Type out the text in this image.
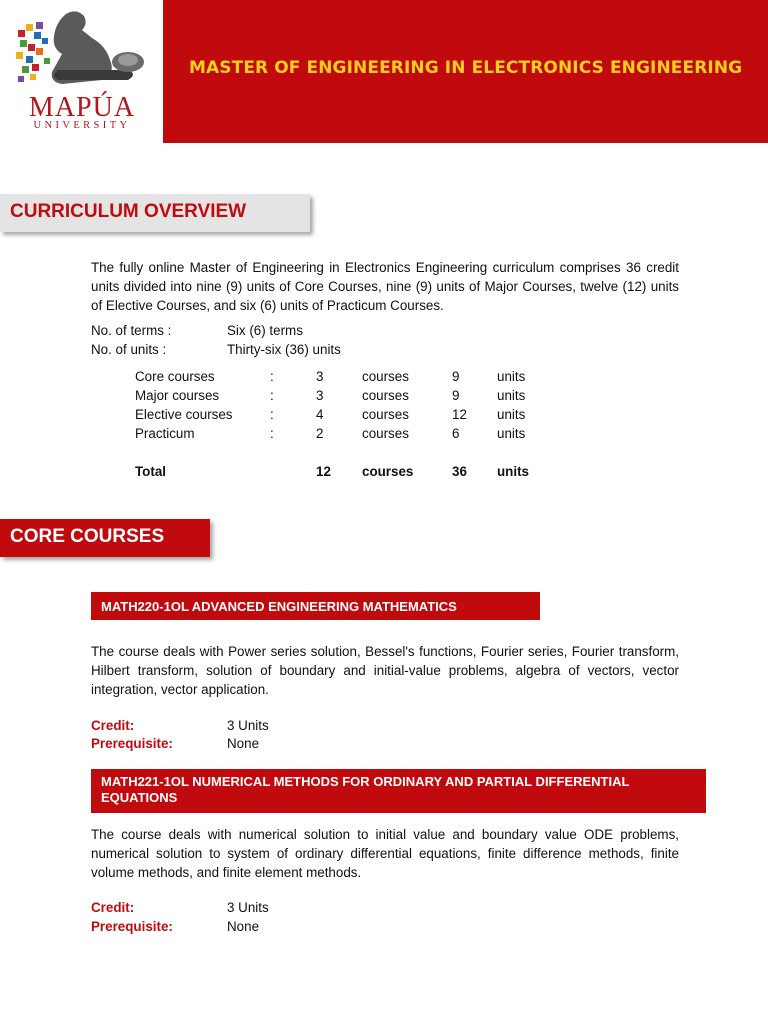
MAPÚA
UNIVERSITY
MASTER OF ENGINEERING IN ELECTRONICS ENGINEERING
CURRICULUM OVERVIEW
The fully online Master of Engineering in Electronics Engineering curriculum comprises 36 credit units divided into nine (9) units of Core Courses, nine (9) units of Major Courses, twelve (12) units of Elective Courses, and six (6) units of Practicum Courses.
No. of terms :	Six (6) terms
No. of units :	Thirty-six (36) units
Core courses	:	3	courses	9	units
Major courses	:	3	courses	9	units
Elective courses	:	4	courses	12 units
Practicum	:	2	courses	6	units
Total	12 courses	36 units
CORE COURSES
MATH220-1OL ADVANCED ENGINEERING MATHEMATICS
The course deals with Power series solution, Bessel's functions, Fourier series, Fourier transform, Hilbert transform, solution of boundary and initial-value problems, algebra of vectors, vector integration, vector application.
Credit:	3 Units
Prerequisite:	None
MATH221-1OL NUMERICAL METHODS FOR ORDINARY AND PARTIAL DIFFERENTIAL EQUATIONS
The course deals with numerical solution to initial value and boundary value ODE problems, numerical solution to system of ordinary differential equations, finite difference methods, finite volume methods, and finite element methods.
Credit:	3 Units
Prerequisite:	None
